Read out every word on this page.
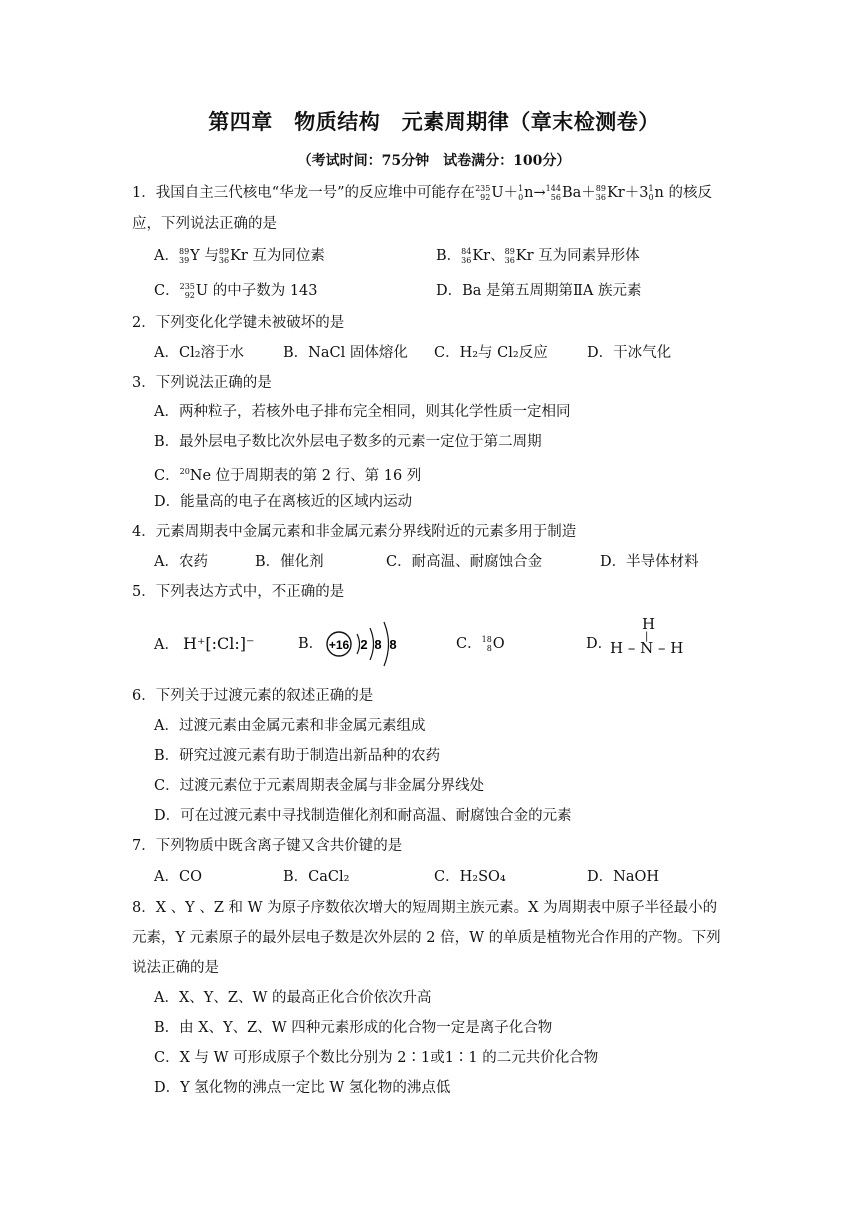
第四章　物质结构　元素周期律（章末检测卷）
（考试时间：75分钟　试卷满分：100分）
1．我国自主三代核电“华龙一号”的反应堆中可能存在 235
92 U＋ 1
0 n→ 144
56 Ba＋ 89
36 Kr＋3 1
0 n 的核反
应，下列说法正确的是
A． 89
39 Y 与 89
36 Kr 互为同位素	B． 84
36 Kr、 89
36 Kr 互为同素异形体
C． 235
92 U 的中子数为 143	D．Ba 是第五周期第ⅡA 族元素
2．下列变化化学键未被破坏的是
A．Cl₂溶于水	B．NaCl 固体熔化 C．H₂与 Cl₂反应	D．干冰气化
3．下列说法正确的是
A．两种粒子，若核外电子排布完全相同，则其化学性质一定相同
B．最外层电子数比次外层电子数多的元素一定位于第二周期
C．$^{20}$Ne 位于周期表的第 2 行、第 16 列
D．能量高的电子在离核近的区域内运动
4．元素周期表中金属元素和非金属元素分界线附近的元素多用于制造
A．农药	B．催化剂	C．耐高温、耐腐蚀合金	D．半导体材料
5．下列表达方式中，不正确的是
A． H⁺[:Cl:]⁻	B． +16 2 8 8	C． 18
8 O	D．
H
|
H – N – H
6．下列关于过渡元素的叙述正确的是
A．过渡元素由金属元素和非金属元素组成
B．研究过渡元素有助于制造出新品种的农药
C．过渡元素位于元素周期表金属与非金属分界线处
D．可在过渡元素中寻找制造催化剂和耐高温、耐腐蚀合金的元素
7．下列物质中既含离子键又含共价键的是
A．CO	B．CaCl₂	C．H₂SO₄	D．NaOH
8．X 、Y 、Z 和 W 为原子序数依次增大的短周期主族元素。X 为周期表中原子半径最小的
元素，Y 元素原子的最外层电子数是次外层的 2 倍，W 的单质是植物光合作用的产物。下列
说法正确的是
A．X、Y、Z、W 的最高正化合价依次升高
B．由 X、Y、Z、W 四种元素形成的化合物一定是离子化合物
C．X 与 W 可形成原子个数比分别为 2∶1或1∶1 的二元共价化合物
D．Y 氢化物的沸点一定比 W 氢化物的沸点低
